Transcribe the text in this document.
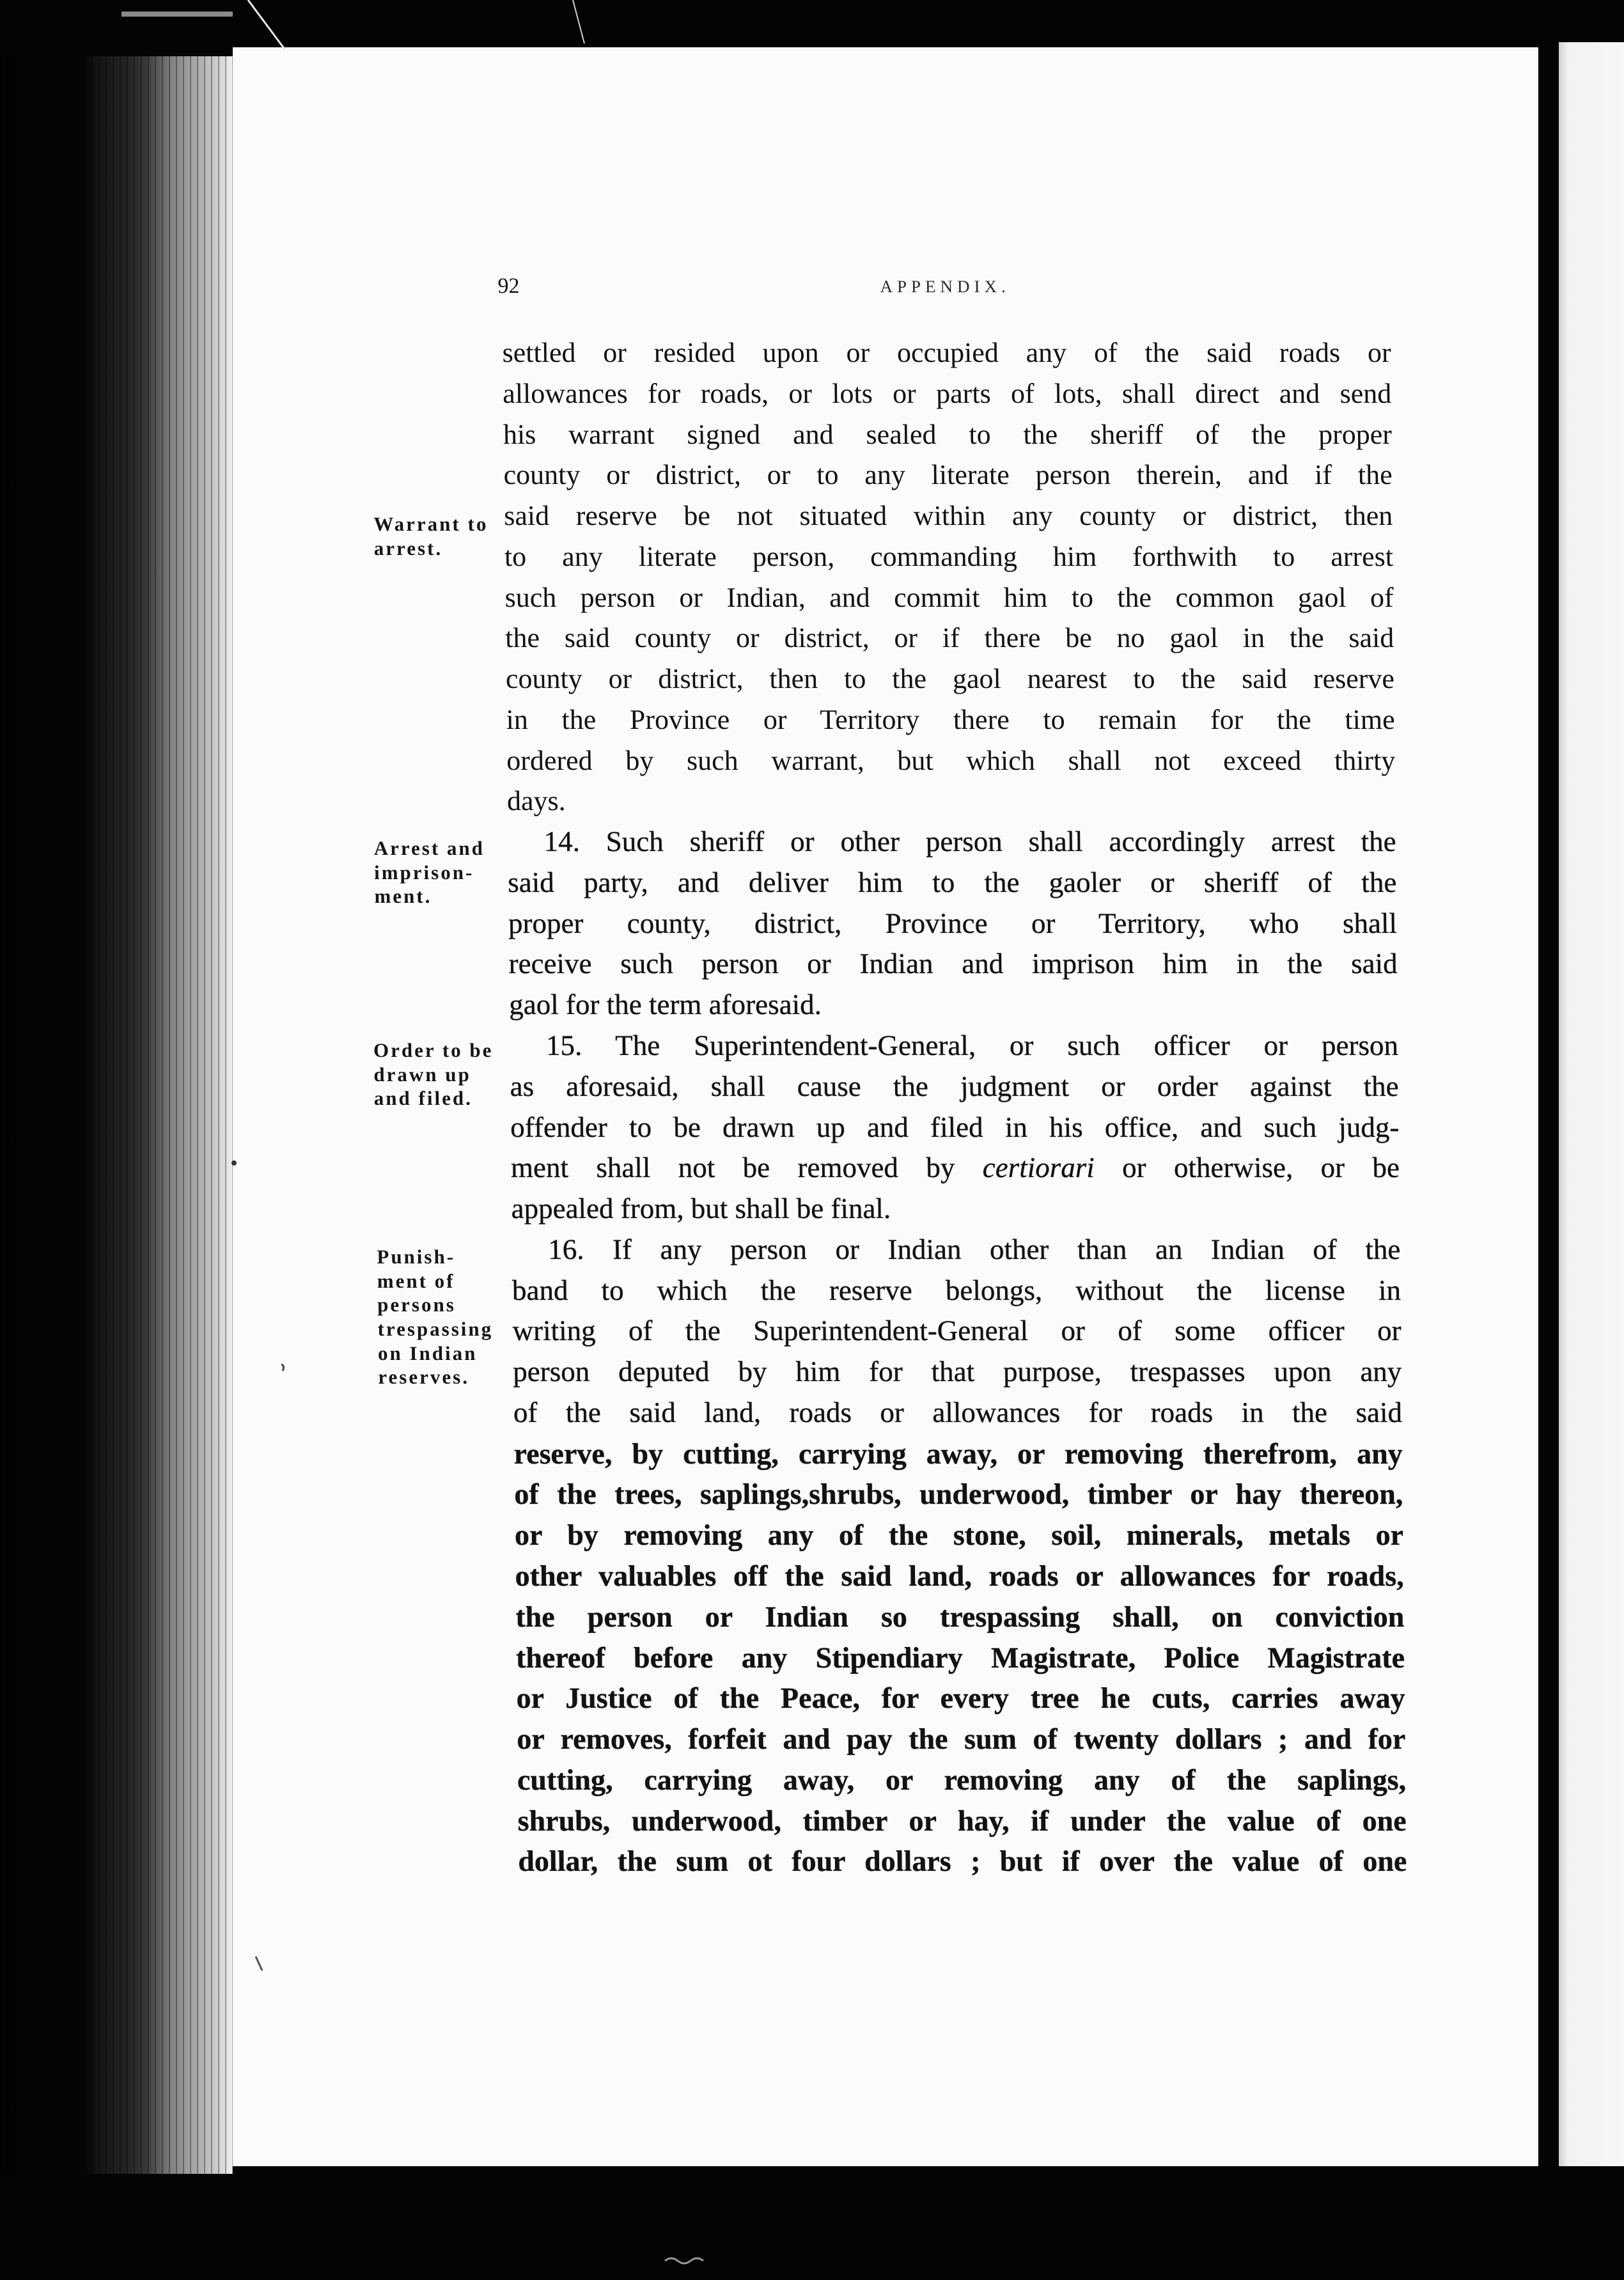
92	APPENDIX.
Warrant to
arrest.
Arrest and
imprison-
ment.
Order to be
drawn up
and filed.
Punish-
ment of
persons
trespassing
on Indian
reserves.
settled or resided upon or occupied any of the said roads or
allowances for roads, or lots or parts of lots, shall direct and send
his warrant signed and sealed to the sheriff of the proper
county or district, or to any literate person therein, and if the
said reserve be not situated within any county or district, then
to any literate person, commanding him forthwith to arrest
such person or Indian, and commit him to the common gaol of
the said county or district, or if there be no gaol in the said
county or district, then to the gaol nearest to the said reserve
in the Province or Territory there to remain for the time
ordered by such warrant, but which shall not exceed thirty
days.
14. Such sheriff or other person shall accordingly arrest the
said party, and deliver him to the gaoler or sheriff of the
proper county, district, Province or Territory, who shall
receive such person or Indian and imprison him in the said
gaol for the term aforesaid.
15. The Superintendent-General, or such officer or person
as aforesaid, shall cause the judgment or order against the
offender to be drawn up and filed in his office, and such judg-
ment shall not be removed by certiorari or otherwise, or be
appealed from, but shall be final.
16. If any person or Indian other than an Indian of the
band to which the reserve belongs, without the license in
writing of the Superintendent-General or of some officer or
person deputed by him for that purpose, trespasses upon any
of the said land, roads or allowances for roads in the said
reserve, by cutting, carrying away, or removing therefrom, any
of the trees, saplings,shrubs, underwood, timber or hay thereon,
or by removing any of the stone, soil, minerals, metals or
other valuables off the said land, roads or allowances for roads,
the person or Indian so trespassing shall, on conviction
thereof before any Stipendiary Magistrate, Police Magistrate
or Justice of the Peace, for every tree he cuts, carries away
or removes, forfeit and pay the sum of twenty dollars ; and for
cutting, carrying away, or removing any of the saplings,
shrubs, underwood, timber or hay, if under the value of one
dollar, the sum ot four dollars ; but if over the value of one
